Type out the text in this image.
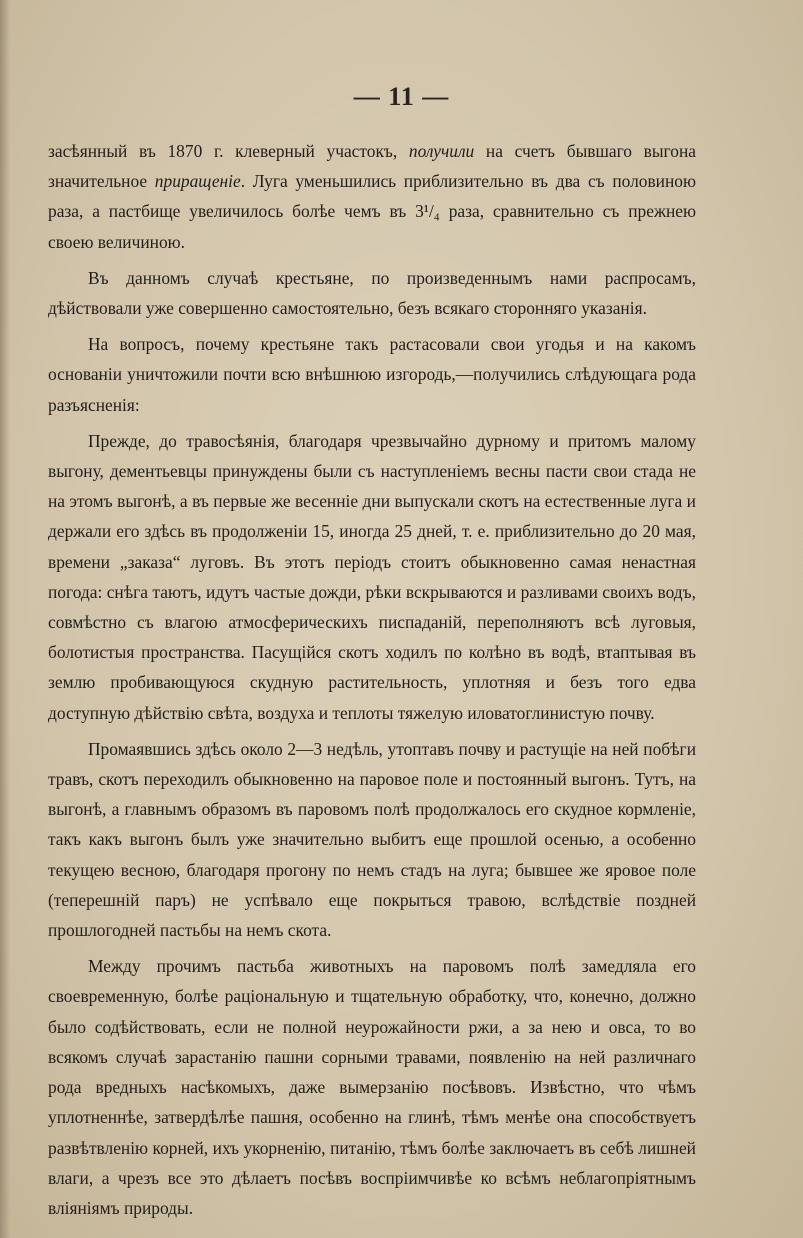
— 11 —

засѣянный въ 1870 г. клеверный участокъ, получили на счетъ бывшаго выгона значительное приращеніе. Луга уменьшились приблизительно въ два съ половиною раза, а пастбище увеличилось болѣе чемъ въ 3¹/₄ раза, сравнительно съ прежнею своею величиною.

Въ данномъ случаѣ крестьяне, по произведеннымъ нами распросамъ, дѣйствовали уже совершенно самостоятельно, безъ всякаго сторонняго указанія.

На вопросъ, почему крестьяне такъ растасовали свои угодья и на какомъ основаніи уничтожили почти всю внѣшнюю изгородь,—получились слѣдующага рода разъясненія:

Прежде, до травосѣянія, благодаря чрезвычайно дурному и притомъ малому выгону, дементьевцы принуждены были съ наступленіемъ весны пасти свои стада не на этомъ выгонѣ, а въ первые же весенніе дни выпускали скотъ на естественные луга и держали его здѣсь въ продолженіи 15, иногда 25 дней, т. е. приблизительно до 20 мая, времени „заказа“ луговъ. Въ этотъ періодъ стоитъ обыкновенно самая ненастная погода: снѣга таютъ, идутъ частые дожди, рѣки вскрываются и разливами своихъ водъ, совмѣстно съ влагою атмосферическихъ писпаданій, переполняютъ всѣ луговыя, болотистыя пространства. Пасущійся скотъ ходилъ по колѣно въ водѣ, втаптывая въ землю пробивающуюся скудную растительность, уплотняя и безъ того едва доступную дѣйствію свѣта, воздуха и теплоты тяжелую иловатоглинистую почву.

Промаявшись здѣсь около 2—3 недѣль, утоптавъ почву и растущіе на ней побѣги травъ, скотъ переходилъ обыкновенно на паровое поле и постоянный выгонъ. Тутъ, на выгонѣ, а главнымъ образомъ въ паровомъ полѣ продолжалось его скудное кормленіе, такъ какъ выгонъ былъ уже значительно выбитъ еще прошлой осенью, а особенно текущею весною, благодаря прогону по немъ стадъ на луга; бывшее же яровое поле (теперешній паръ) не успѣвало еще покрыться травою, вслѣдствіе поздней прошлогодней пастьбы на немъ скота.

Между прочимъ пастьба животныхъ на паровомъ полѣ замедляла его своевременную, болѣе раціональную и тщательную обработку, что, конечно, должно было содѣйствовать, если не полной неурожайности ржи, а за нею и овса, то во всякомъ случаѣ зарастанію пашни сорными травами, появленію на ней различнаго рода вредныхъ насѣкомыхъ, даже вымерзанію посѣвовъ. Извѣстно, что чѣмъ уплотненнѣе, затвердѣлѣе пашня, особенно на глинѣ, тѣмъ менѣе она способствуетъ развѣтвленію корней, ихъ укорненію, питанію, тѣмъ болѣе заключаетъ въ себѣ лишней влаги, а чрезъ все это дѣлаетъ посѣвъ воспріимчивѣе ко всѣмъ неблагопріятнымъ вліяніямъ природы.
